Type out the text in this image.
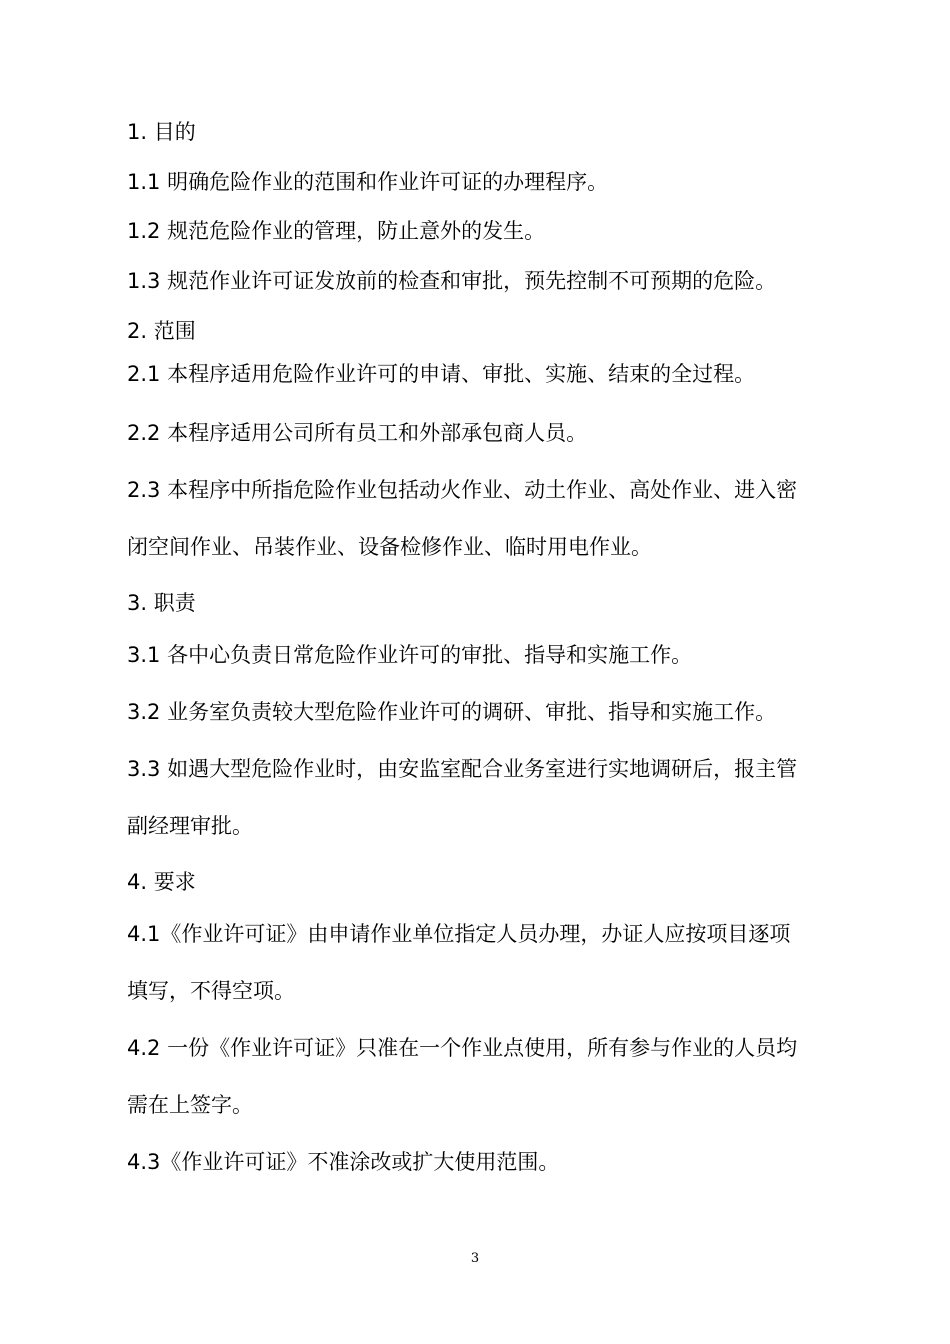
1. 目的
1.1 明确危险作业的范围和作业许可证的办理程序。
1.2 规范危险作业的管理，防止意外的发生。
1.3 规范作业许可证发放前的检查和审批，预先控制不可预期的危险。
2. 范围
2.1 本程序适用危险作业许可的申请、审批、实施、结束的全过程。
2.2 本程序适用公司所有员工和外部承包商人员。
2.3 本程序中所指危险作业包括动火作业、动土作业、高处作业、进入密
闭空间作业、吊装作业、设备检修作业、临时用电作业。
3. 职责
3.1 各中心负责日常危险作业许可的审批、指导和实施工作。
3.2 业务室负责较大型危险作业许可的调研、审批、指导和实施工作。
3.3 如遇大型危险作业时，由安监室配合业务室进行实地调研后，报主管
副经理审批。
4. 要求
4.1《作业许可证》由申请作业单位指定人员办理，办证人应按项目逐项
填写，不得空项。
4.2 一份《作业许可证》只准在一个作业点使用，所有参与作业的人员均
需在上签字。
4.3《作业许可证》不准涂改或扩大使用范围。
3
